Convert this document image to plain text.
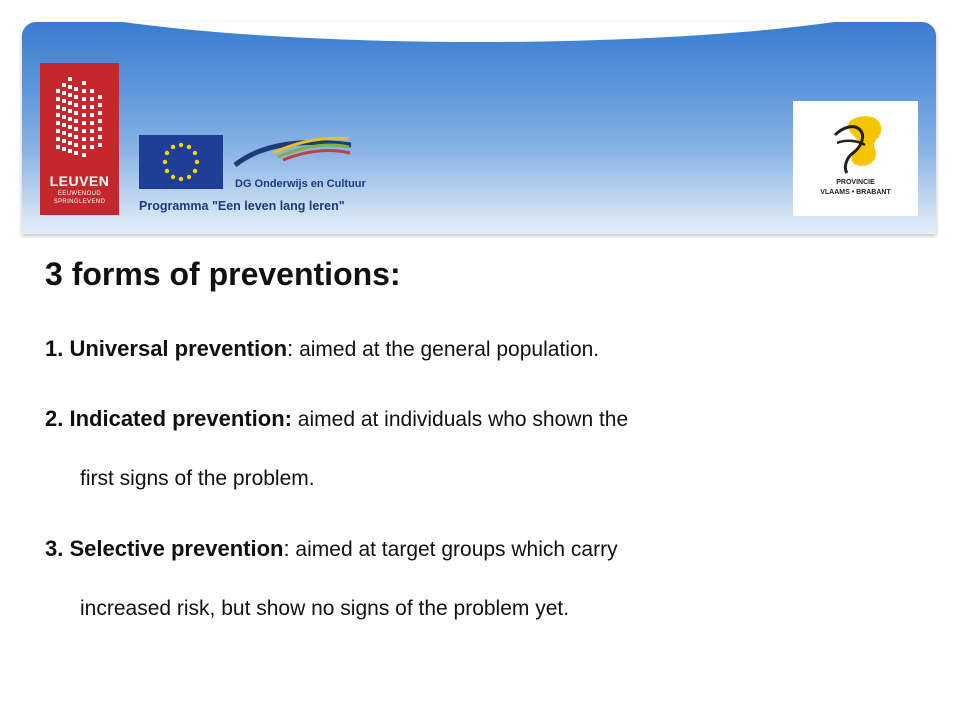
LEUVEN
EEUWENOUD
SPRINGLEVEND
DG Onderwijs en Cultuur
Programma "Een leven lang leren"
PROVINCIE
VLAAMS • BRABANT
3 forms of preventions:
1. Universal prevention: aimed at the general population.
2. Indicated prevention: aimed at individuals who shown the
first signs of the problem.
3. Selective prevention: aimed at target groups which carry
increased risk, but show no signs of the problem yet.
